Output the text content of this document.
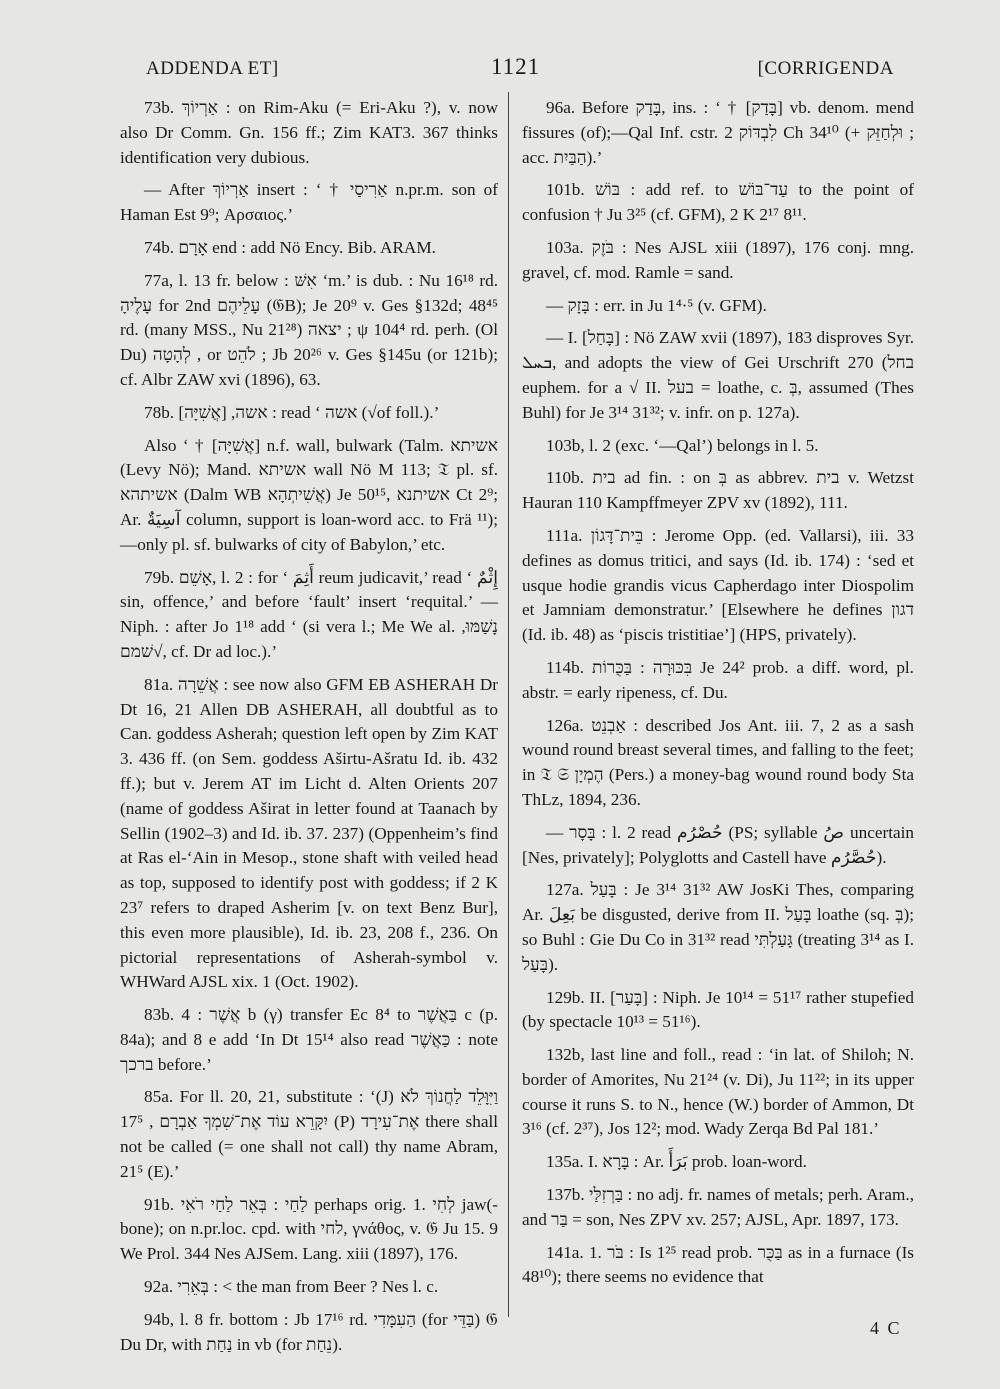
ADDENDA ET]	1121	[CORRIGENDA

73b. אַרְיוֹךְ : on Rim-Aku (= Eri-Aku ?), v. now also Dr Comm. Gn. 156 ff.; Zim KAT3. 367 thinks identification very dubious.

— After אַרְיוֹךְ insert : ‘ † אַרִיסַי n.pr.m. son of Haman Est 9⁹; Αρσαιος.’

74b. אָרָם end : add Nö Ency. Bib. ARAM.

77a, l. 13 fr. below : אִשּׁ ‘m.’ is dub. : Nu 16¹⁸ rd. עָלֶיהָ for 2nd עָלֵיהֶם (𝔊B); Je 20⁹ v. Ges §132d; 48⁴⁵ rd. (many MSS., Nu 21²⁸) יצאה ; ψ 104⁴ rd. perh. (Ol Du) לְהָטָה , or לֹהֵט ; Jb 20²⁶ v. Ges §145u (or 121b); cf. Albr ZAW xvi (1896), 63.

78b. אשה, [אֲשִׁיָּה] : read ‘ אשה (√of foll.).’

Also ‘ † [אֲשִׁיָּה] n.f. wall, bulwark (Talm. אשיתא (Levy Nö); Mand. אשיתא wall Nö M 113; 𝔗 pl. sf. אשיתהא (Dalm WB אֲשִׁיתְהָא) Je 50¹⁵, אשיתנא Ct 2⁹; Ar. آسِيَةٌ column, support is loan-word acc. to Frä ¹¹);—only pl. sf. bulwarks of city of Babylon,’ etc.

79b. אָשֵׁם, l. 2 : for ‘ أَثِمَ reum judicavit,’ read ‘ إِثْمٌ sin, offence,’ and before ‘fault’ insert ‘requital.’ — Niph. : after Jo 1¹⁸ add ‘ (si vera l.; Me We al. נָשַׁמּוּ, √שׁמם, cf. Dr ad loc.).’

81a. אֲשֵׁרָה : see now also GFM EB ASHERAH Dr Dt 16, 21 Allen DB ASHERAH, all doubtful as to Can. goddess Asherah; question left open by Zim KAT 3. 436 ff. (on Sem. goddess Aširtu-Ašratu Id. ib. 432 ff.); but v. Jerem AT im Licht d. Alten Orients 207 (name of goddess Aširat in letter found at Taanach by Sellin (1902–3) and Id. ib. 37. 237) (Oppenheim’s find at Ras el-‘Ain in Mesop., stone shaft with veiled head as top, supposed to identify post with goddess; if 2 K 23⁷ refers to draped Asherim [v. on text Benz Bur], this even more plausible), Id. ib. 23, 208 f., 236. On pictorial representations of Asherah-symbol v. WHWard AJSL xix. 1 (Oct. 1902).

83b. אֲשֶׁר : 4 b (γ) transfer Ec 8⁴ to בַּאֲשֶׁר c (p. 84a); and 8 e add ‘In Dt 15¹⁴ also read כַּאֲשֶׁר : note ברכך before.’

85a. For ll. 20, 21, substitute : ‘(J) וַיִּוָּלֵד לַחֲנוֹךְ לֹא יִקָּרֵא עוֹד אֶת־שִׁמְךָ אַבְרָם , 17⁵ (P) אֶת־עִירָד there shall not be called (= one shall not call) thy name Abram, 21⁵ (E).’

91b. לַחַי : בְּאֵר לַחַי רֹאִי perhaps orig. 1. לְחִי jaw(-bone); on n.pr.loc. cpd. with לחי, γνάθος, v. 𝔊 Ju 15. 9 We Prol. 344 Nes AJSem. Lang. xiii (1897), 176.

92a. בְּאֵרִי : < the man from Beer ? Nes l. c.

94b, l. 8 fr. bottom : Jb 17¹⁶ rd. הַעִמָּדִי (for בַּדֵּי) 𝔊 Du Dr, with נַחַת in vb (for נֵחַת).

96a. Before בָּדַק, ins. : ‘ † [בָּדַק] vb. denom. mend fissures (of);—Qal Inf. cstr. לִבְדּוֹק 2 Ch 34¹⁰ (+ וּלְחַזֵּק ; acc. הַבַּיִת).’

101b. בּוֹשׁ : add ref. to עַד־בּוֹשׁ to the point of confusion † Ju 3²⁵ (cf. GFM), 2 K 2¹⁷ 8¹¹.

103a. בֹּזֶק : Nes AJSL xiii (1897), 176 conj. mng. gravel, cf. mod. Ramle = sand.

— בָּזָק : err. in Ju 1⁴·⁵ (v. GFM).

— I. [בָּחַל] : Nö ZAW xvii (1897), 183 disproves Syr. ܒܚܠ, and adopts the view of Gei Urschrift 270 (בחל euphem. for a √ II. בעל = loathe, c. בְּ, assumed (Thes Buhl) for Je 3¹⁴ 31³²; v. infr. on p. 127a).

103b, l. 2 (exc. ‘—Qal’) belongs in l. 5.

110b. בית ad fin. : on בְּ as abbrev. בית v. Wetzst Hauran 110 Kampffmeyer ZPV xv (1892), 111.

111a. בֵּית־דָּגוֹן : Jerome Opp. (ed. Vallarsi), iii. 33 defines as domus tritici, and says (Id. ib. 174) : ‘sed et usque hodie grandis vicus Capherdago inter Diospolim et Jamniam demonstratur.’ [Elsewhere he defines דגון (Id. ib. 48) as ‘piscis tristitiae’] (HPS, privately).

114b. בִּכּוּרָה : בַּכֻּרוֹת Je 24² prob. a diff. word, pl. abstr. = early ripeness, cf. Du.

126a. אַבְנֵט : described Jos Ant. iii. 7, 2 as a sash wound round breast several times, and falling to the feet; in 𝔗 𝔖 הֶמְיָן (Pers.) a money-bag wound round body Sta ThLz, 1894, 236.

— בָּסָר : l. 2 read حُصْرُم (PS; syllable صُ uncertain [Nes, privately]; Polyglotts and Castell have حُصَّرُم).

127a. בָּעַל : Je 3¹⁴ 31³² AW JosKi Thes, comparing Ar. بَعِلَ be disgusted, derive from II. בָּעַל loathe (sq. בְּ); so Buhl : Gie Du Co in 31³² read גָּעַלְתִּי (treating 3¹⁴ as I. בָּעַל).

129b. II. [בָּעַר] : Niph. Je 10¹⁴ = 51¹⁷ rather stupefied (by spectacle 10¹³ = 51¹⁶).

132b, last line and foll., read : ‘in lat. of Shiloh; N. border of Amorites, Nu 21²⁴ (v. Di), Ju 11²²; in its upper course it runs S. to N., hence (W.) border of Ammon, Dt 3¹⁶ (cf. 2³⁷), Jos 12²; mod. Wady Zerqa Bd Pal 181.’

135a. I. בָּרָא : Ar. بَرَأَ prob. loan-word.

137b. בַּרְזִלַּי : no adj. fr. names of metals; perh. Aram., and בַּר = son, Nes ZPV xv. 257; AJSL, Apr. 1897, 173.

141a. 1. בֹּר : Is 1²⁵ read prob. בַּכֻּר as in a furnace (Is 48¹⁰); there seems no evidence that

4 C
